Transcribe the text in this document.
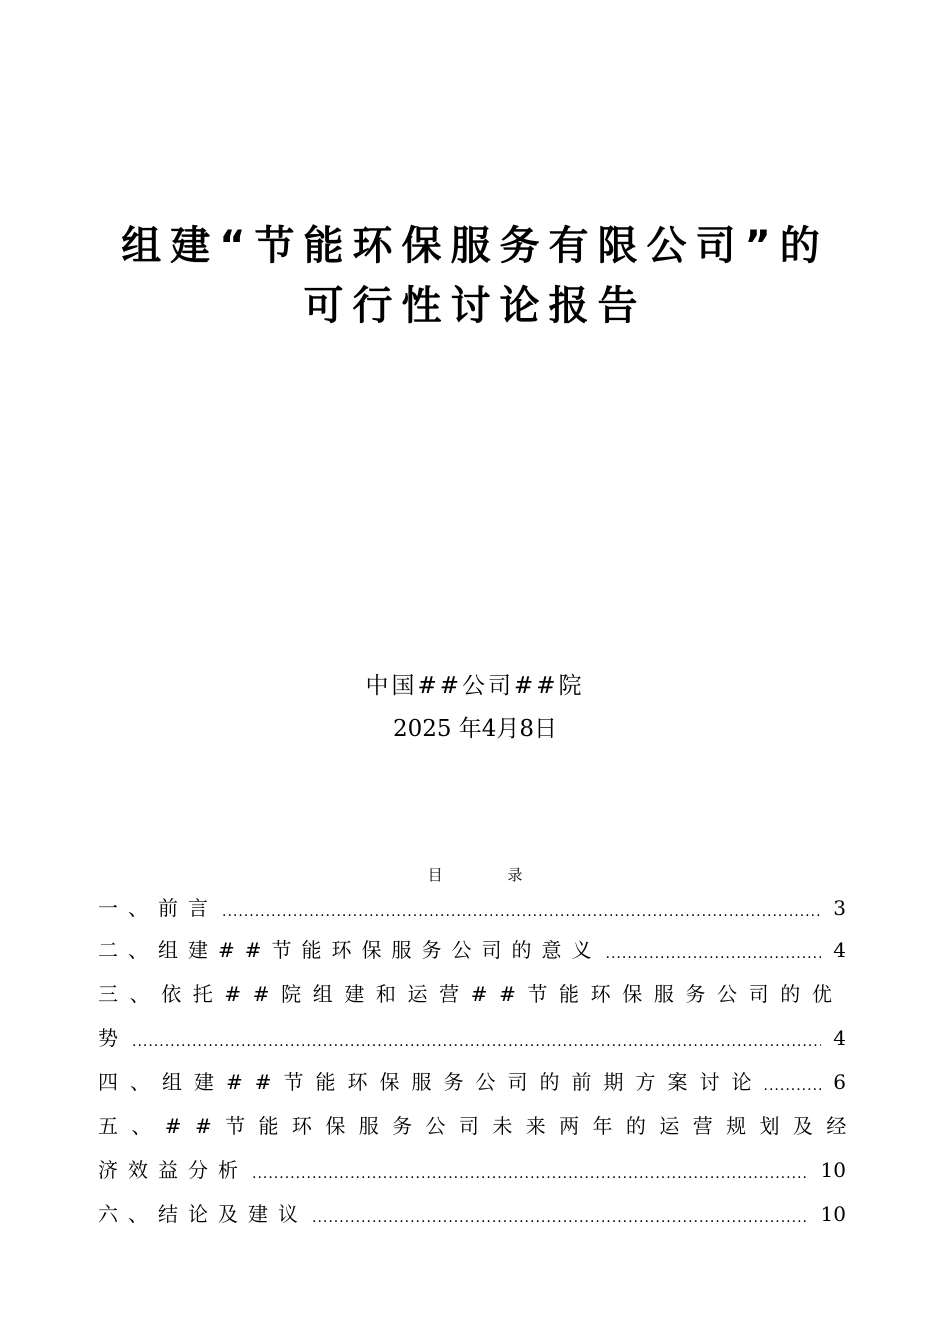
组建“节能环保服务有限公司”的
可行性讨论报告
中国##公司##院
2025 年4月8日
目 录
一、前言 .....	3
二、组建##节能环保服务公司的意义 .....	4
三、依托##院组建和运营##节能环保服务公司的优
势 .....	4
四、组建##节能环保服务公司的前期方案讨论 .....	6
五、##节能环保服务公司未来两年的运营规划及经
济效益分析 .....	10
六、结论及建议 .....	10
